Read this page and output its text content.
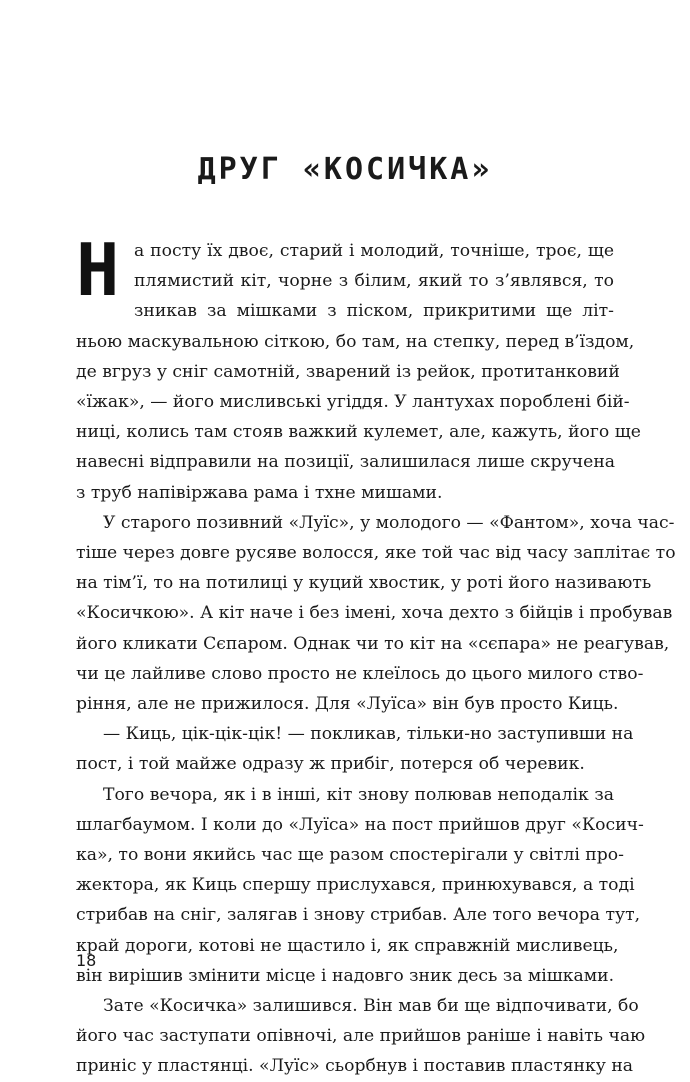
ДРУГ «КОСИЧКА»

Н а посту їх двоє, старий і молодий, точніше, троє, ще
плямистий кіт, чорне з білим, який то з’являвся, то
зникав за мішками з піском, прикритими ще літ-
ньою маскувальною сіткою, бо там, на степку, перед в’їздом,
де вгруз у сніг самотній, зварений із рейок, протитанковий
«їжак», — його мисливські угіддя. У лантухах пороблені бій-
ниці, колись там стояв важкий кулемет, але, кажуть, його ще
навесні відправили на позиції, залишилася лише скручена
з труб напівіржава рама і тхне мишами.

У старого позивний «Луїс», у молодого — «Фантом», хоча час-
тіше через довге русяве волосся, яке той час від часу заплітає то
на тім’ї, то на потилиці у куций хвостик, у роті його називають
«Косичкою». А кіт наче і без імені, хоча дехто з бійців і пробував
його кликати Сєпаром. Однак чи то кіт на «сєпара» не реагував,
чи це лайливе слово просто не клеїлось до цього милого ство-
ріння, але не прижилося. Для «Луїса» він був просто Киць.

— Киць, цік-цік-цік! — покликав, тільки-но заступивши на
пост, і той майже одразу ж прибіг, потерся об черевик.

Того вечора, як і в інші, кіт знову полював неподалік за
шлагбаумом. І коли до «Луїса» на пост прийшов друг «Косич-
ка», то вони якийсь час ще разом спостерігали у світлі про-
жектора, як Киць спершу прислухався, принюхувався, а тоді
стрибав на сніг, залягав і знову стрибав. Але того вечора тут,
край дороги, котові не щастило і, як справжній мисливець,
він вирішив змінити місце і надовго зник десь за мішками.

Зате «Косичка» залишився. Він мав би ще відпочивати, бо
його час заступати опівночі, але прийшов раніше і навіть чаю
приніс у пластянці. «Луїс» сьорбнув і поставив пластянку на

18
